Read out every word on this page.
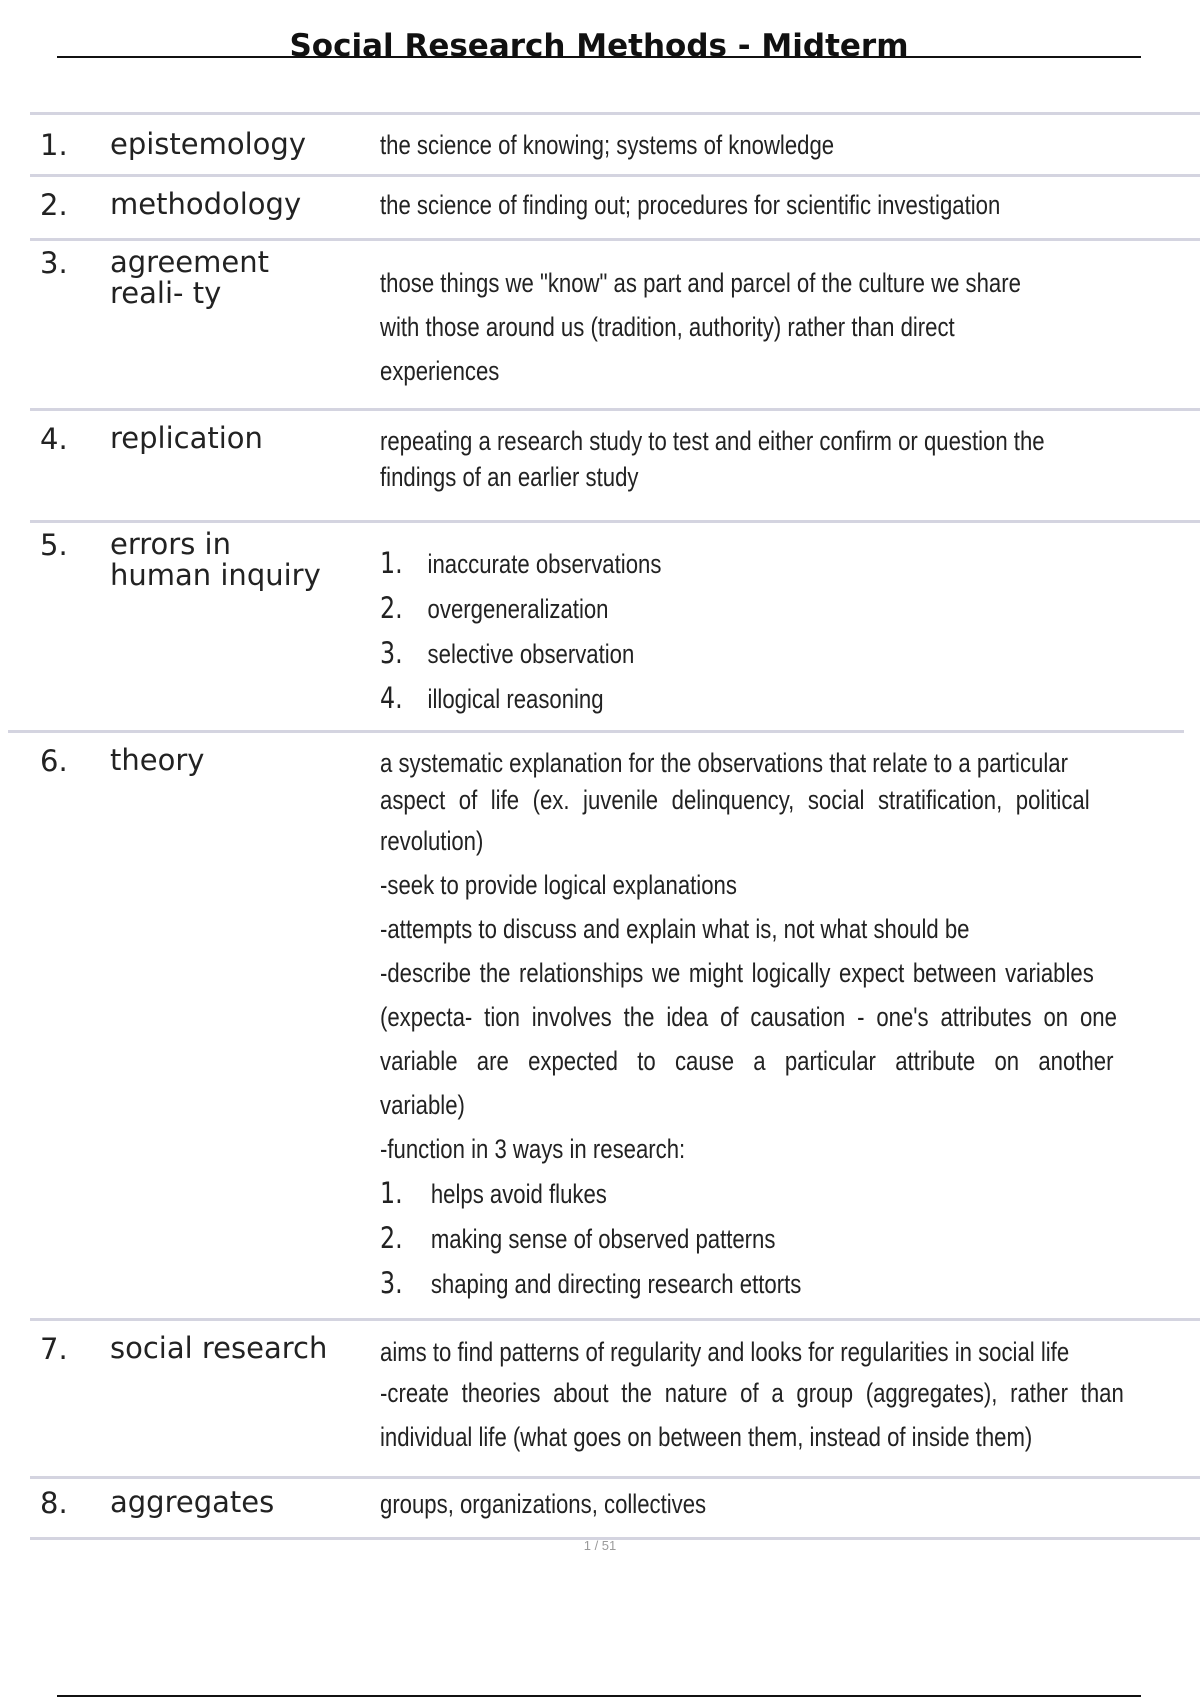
Social Research Methods - Midterm
1. epistemology	the science of knowing; systems of knowledge
2. methodology	the science of finding out; procedures for scientific investigation
3. agreement
reali- ty	those things we "know" as part and parcel of the culture we share
with those around us (tradition, authority) rather than direct
experiences
4. replication	repeating a research study to test and either confirm or question the
findings of an earlier study
5. errors in
human inquiry	1. inaccurate observations
2. overgeneralization
3. selective observation
4. illogical reasoning
6. theory	a systematic explanation for the observations that relate to a particular
aspect of life (ex. juvenile delinquency, social stratification, political
revolution)
-seek to provide logical explanations
-attempts to discuss and explain what is, not what should be
-describe the relationships we might logically expect between variables
(expecta- tion involves the idea of causation - one's attributes on one
variable are expected to cause a particular attribute on another
variable)
-function in 3 ways in research:
1. helps avoid flukes
2. making sense of observed patterns
3. shaping and directing research ettorts
7. social research	aims to find patterns of regularity and looks for regularities in social life
-create theories about the nature of a group (aggregates), rather than
individual life (what goes on between them, instead of inside them)
8. aggregates	groups, organizations, collectives
1 / 51
